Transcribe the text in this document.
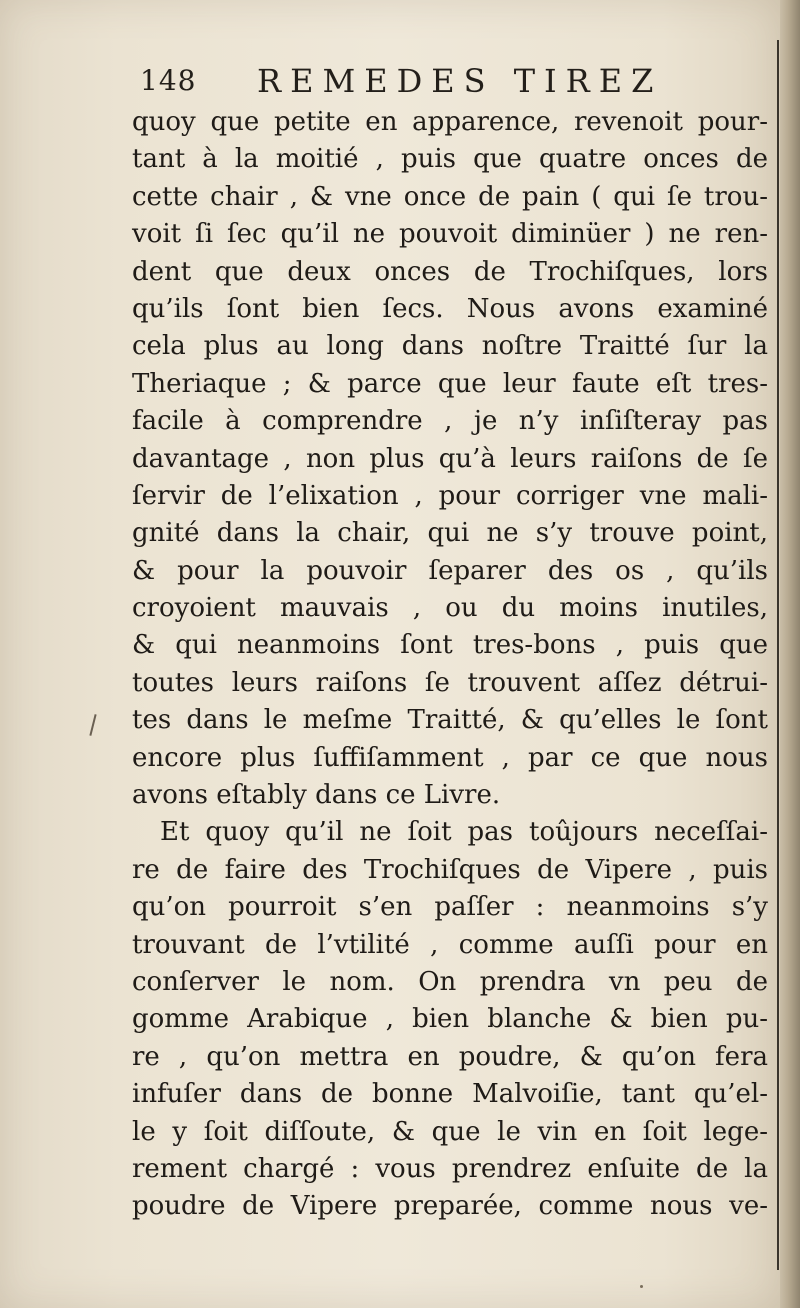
148 REMEDES TIREZ
quoy que petite en apparence, revenoit pour-
tant à la moitié , puis que quatre onces de
cette chair , & vne once de pain ( qui ſe trou-
voit ſi ſec qu’il ne pouvoit diminüer ) ne ren-
dent que deux onces de Trochiſques, lors
qu’ils ſont bien ſecs. Nous avons examiné
cela plus au long dans noſtre Traitté ſur la
Theriaque ; & parce que leur faute eſt tres-
facile à comprendre , je n’y inſiſteray pas
davantage , non plus qu’à leurs raiſons de ſe
ſervir de l’elixation , pour corriger vne mali-
gnité dans la chair, qui ne s’y trouve point,
& pour la pouvoir ſeparer des os , qu’ils
croyoient mauvais , ou du moins inutiles,
& qui neanmoins ſont tres-bons , puis que
toutes leurs raiſons ſe trouvent aſſez détrui-
tes dans le meſme Traitté, & qu’elles le ſont
encore plus ſuffiſamment , par ce que nous
avons eſtably dans ce Livre.
Et quoy qu’il ne ſoit pas toûjours neceſſai-
re de faire des Trochiſques de Vipere , puis
qu’on pourroit s’en paſſer : neanmoins s’y
trouvant de l’vtilité , comme auſſi pour en
conſerver le nom. On prendra vn peu de
gomme Arabique , bien blanche & bien pu-
re , qu’on mettra en poudre, & qu’on fera
infuſer dans de bonne Malvoiſie, tant qu’el-
le y ſoit diſſoute, & que le vin en ſoit lege-
rement chargé : vous prendrez enſuite de la
poudre de Vipere preparée, comme nous ve-
